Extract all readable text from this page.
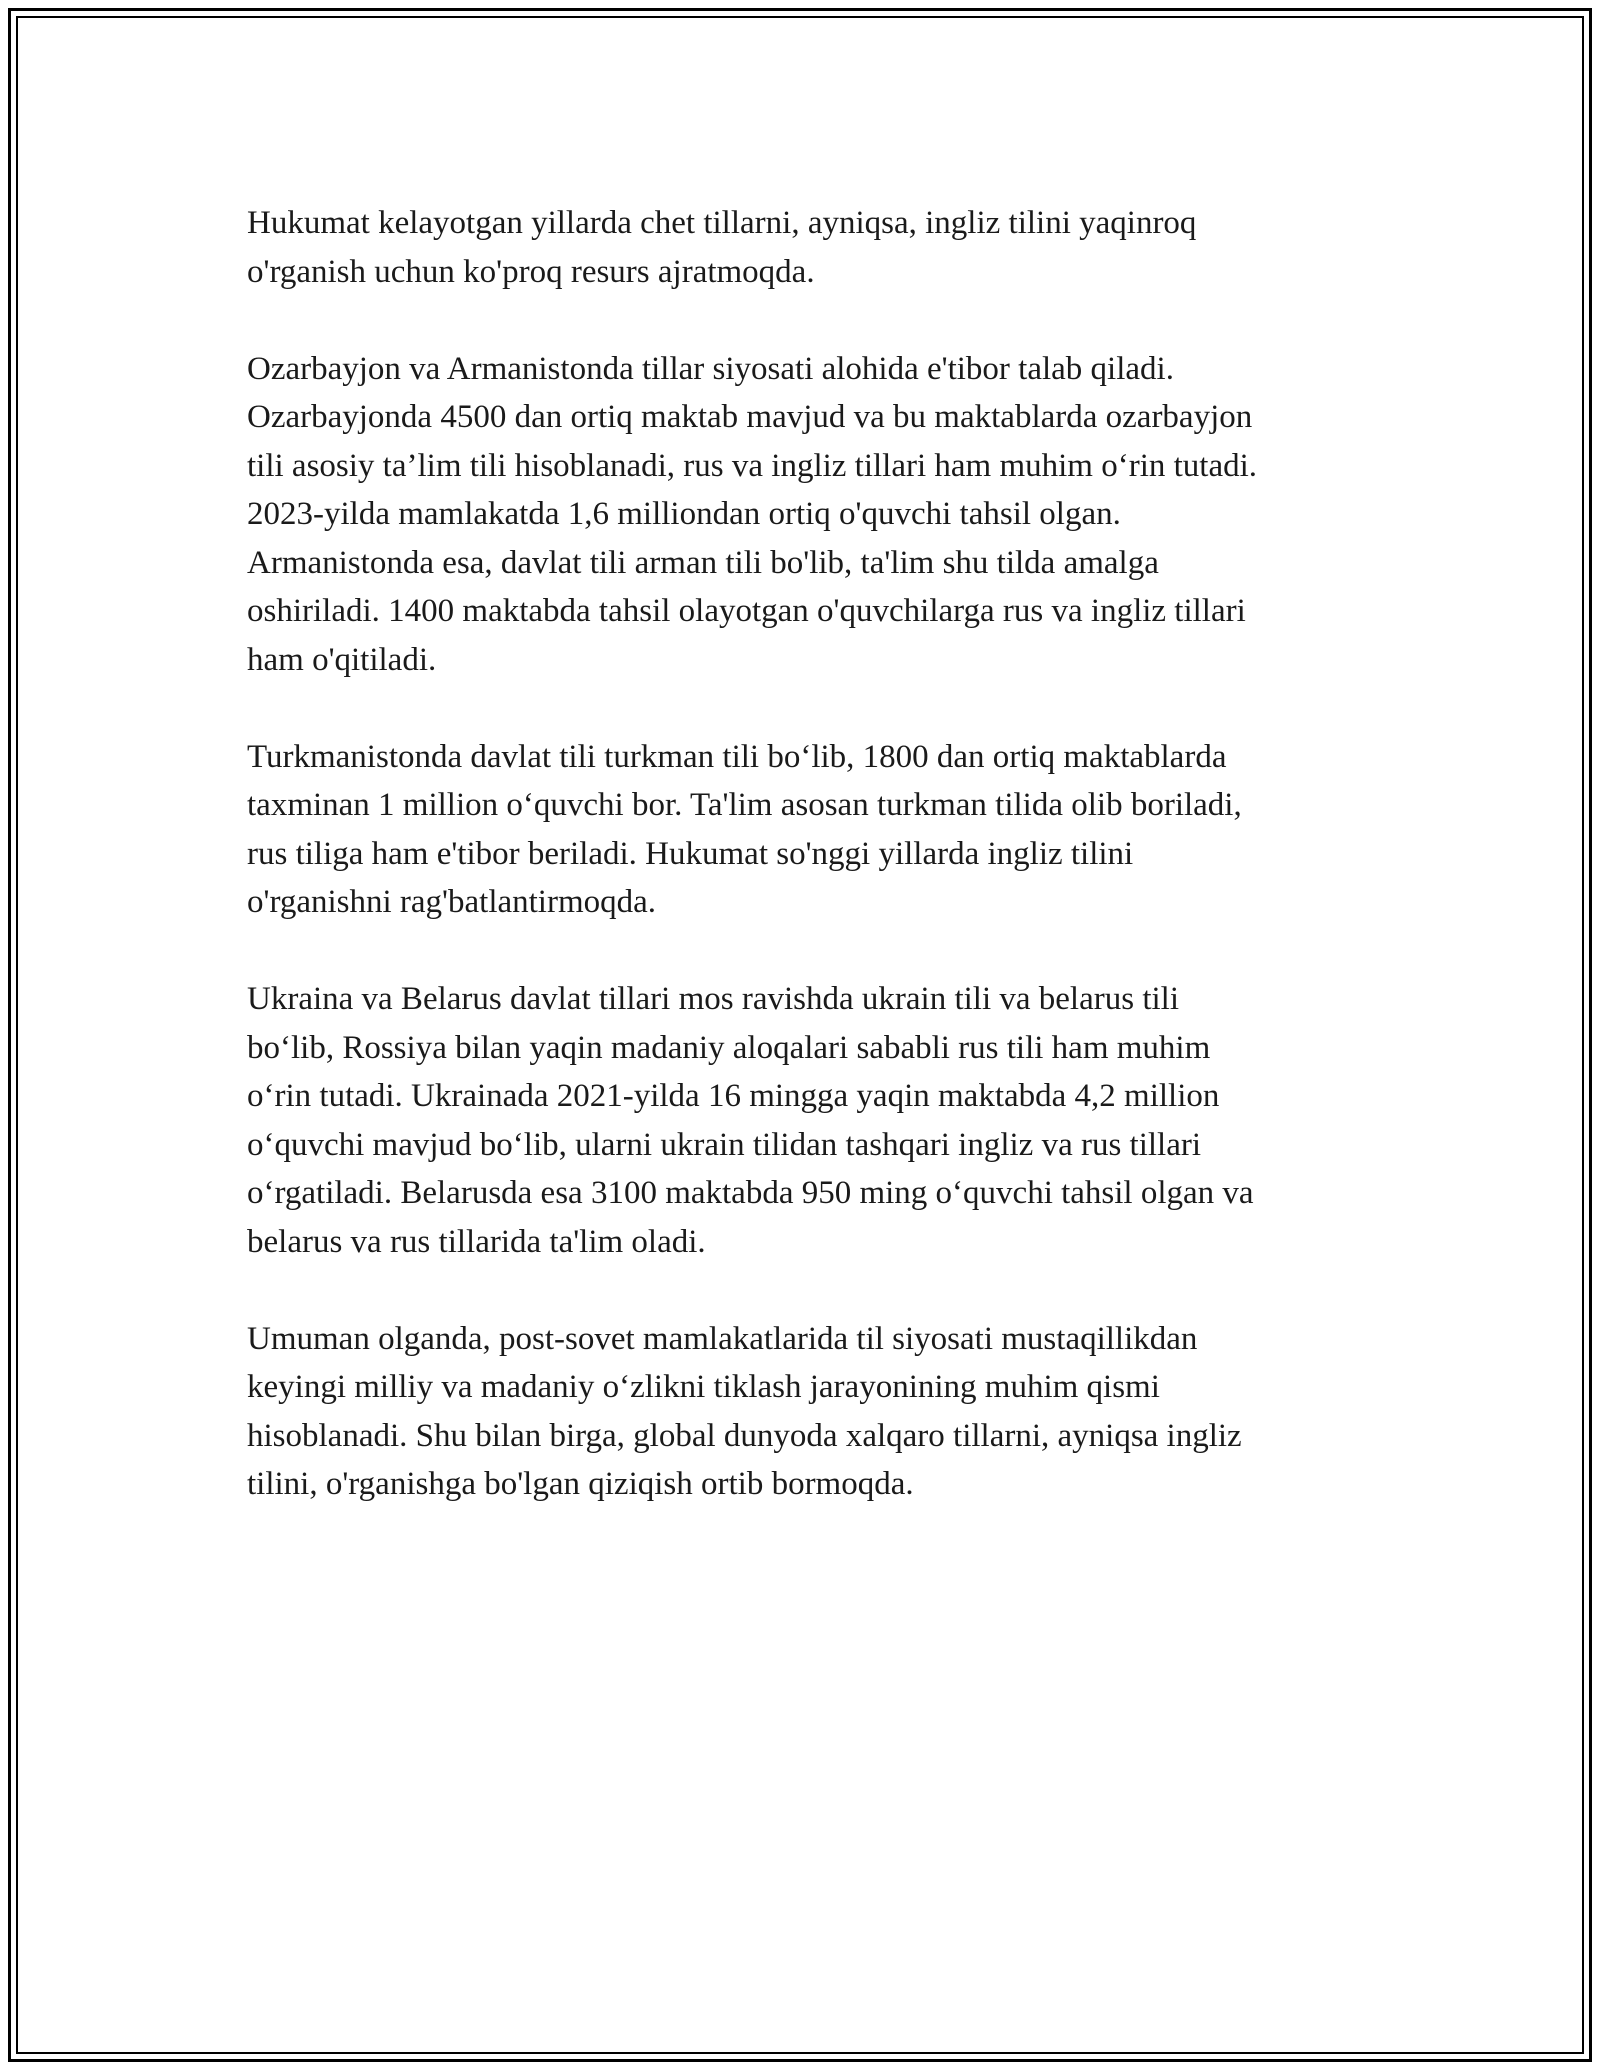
Hukumat kelayotgan yillarda chet tillarni, ayniqsa, ingliz tilini yaqinroq
o'rganish uchun ko'proq resurs ajratmoqda.

Ozarbayjon va Armanistonda tillar siyosati alohida e'tibor talab qiladi.
Ozarbayjonda 4500 dan ortiq maktab mavjud va bu maktablarda ozarbayjon
tili asosiy ta’lim tili hisoblanadi, rus va ingliz tillari ham muhim o‘rin tutadi.
2023-yilda mamlakatda 1,6 milliondan ortiq o'quvchi tahsil olgan.
Armanistonda esa, davlat tili arman tili bo'lib, ta'lim shu tilda amalga
oshiriladi. 1400 maktabda tahsil olayotgan o'quvchilarga rus va ingliz tillari
ham o'qitiladi.

Turkmanistonda davlat tili turkman tili bo‘lib, 1800 dan ortiq maktablarda
taxminan 1 million o‘quvchi bor. Ta'lim asosan turkman tilida olib boriladi,
rus tiliga ham e'tibor beriladi. Hukumat so'nggi yillarda ingliz tilini
o'rganishni rag'batlantirmoqda.

Ukraina va Belarus davlat tillari mos ravishda ukrain tili va belarus tili
bo‘lib, Rossiya bilan yaqin madaniy aloqalari sababli rus tili ham muhim
o‘rin tutadi. Ukrainada 2021-yilda 16 mingga yaqin maktabda 4,2 million
o‘quvchi mavjud bo‘lib, ularni ukrain tilidan tashqari ingliz va rus tillari
o‘rgatiladi. Belarusda esa 3100 maktabda 950 ming o‘quvchi tahsil olgan va
belarus va rus tillarida ta'lim oladi.

Umuman olganda, post-sovet mamlakatlarida til siyosati mustaqillikdan
keyingi milliy va madaniy o‘zlikni tiklash jarayonining muhim qismi
hisoblanadi. Shu bilan birga, global dunyoda xalqaro tillarni, ayniqsa ingliz
tilini, o'rganishga bo'lgan qiziqish ortib bormoqda.
